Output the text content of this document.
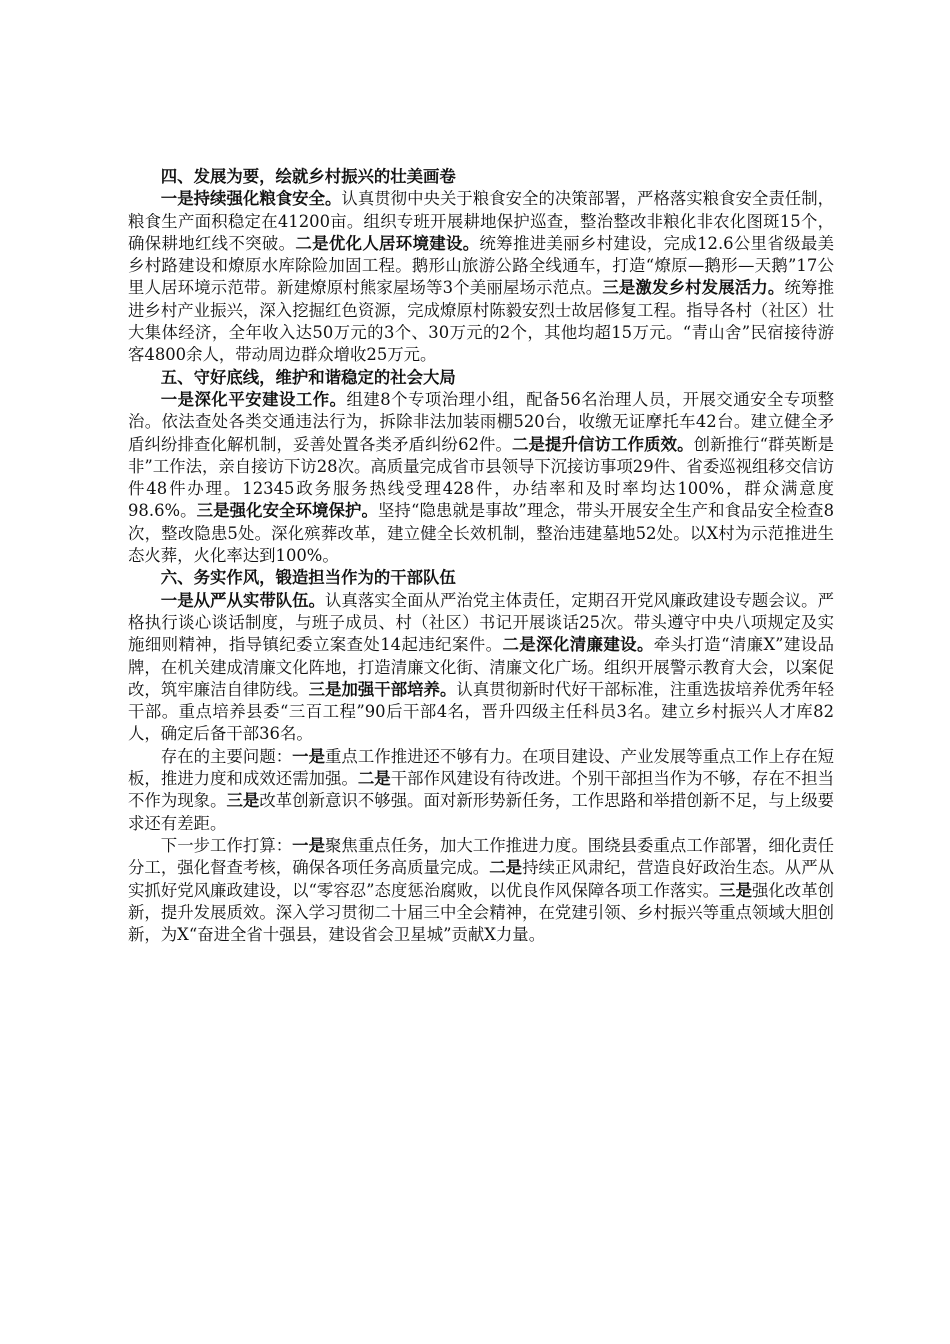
四、发展为要，绘就乡村振兴的壮美画卷

一是持续强化粮食安全。认真贯彻中央关于粮食安全的决策部署，严格落实粮食安全责任制，粮食生产面积稳定在41200亩。组织专班开展耕地保护巡查，整治整改非粮化非农化图斑15个，确保耕地红线不突破。二是优化人居环境建设。统筹推进美丽乡村建设，完成12.6公里省级最美乡村路建设和燎原水库除险加固工程。鹅形山旅游公路全线通车，打造“燎原—鹅形—天鹅”17公里人居环境示范带。新建燎原村熊家屋场等3个美丽屋场示范点。三是激发乡村发展活力。统筹推进乡村产业振兴，深入挖掘红色资源，完成燎原村陈毅安烈士故居修复工程。指导各村（社区）壮大集体经济，全年收入达50万元的3个、30万元的2个，其他均超15万元。“青山舍”民宿接待游客4800余人，带动周边群众增收25万元。

五、守好底线，维护和谐稳定的社会大局

一是深化平安建设工作。组建8个专项治理小组，配备56名治理人员，开展交通安全专项整治。依法查处各类交通违法行为，拆除非法加装雨棚520台，收缴无证摩托车42台。建立健全矛盾纠纷排查化解机制，妥善处置各类矛盾纠纷62件。二是提升信访工作质效。创新推行“群英断是非”工作法，亲自接访下访28次。高质量完成省市县领导下沉接访事项29件、省委巡视组移交信访件48件办理。12345政务服务热线受理428件，办结率和及时率均达100%，群众满意度98.6%。三是强化安全环境保护。坚持“隐患就是事故”理念，带头开展安全生产和食品安全检查8次，整改隐患5处。深化殡葬改革，建立健全长效机制，整治违建墓地52处。以X村为示范推进生态火葬，火化率达到100%。

六、务实作风，锻造担当作为的干部队伍

一是从严从实带队伍。认真落实全面从严治党主体责任，定期召开党风廉政建设专题会议。严格执行谈心谈话制度，与班子成员、村（社区）书记开展谈话25次。带头遵守中央八项规定及实施细则精神，指导镇纪委立案查处14起违纪案件。二是深化清廉建设。牵头打造“清廉X”建设品牌，在机关建成清廉文化阵地，打造清廉文化街、清廉文化广场。组织开展警示教育大会，以案促改，筑牢廉洁自律防线。三是加强干部培养。认真贯彻新时代好干部标准，注重选拔培养优秀年轻干部。重点培养县委“三百工程”90后干部4名，晋升四级主任科员3名。建立乡村振兴人才库82人，确定后备干部36名。

存在的主要问题：一是重点工作推进还不够有力。在项目建设、产业发展等重点工作上存在短板，推进力度和成效还需加强。二是干部作风建设有待改进。个别干部担当作为不够，存在不担当不作为现象。三是改革创新意识不够强。面对新形势新任务，工作思路和举措创新不足，与上级要求还有差距。

下一步工作打算：一是聚焦重点任务，加大工作推进力度。围绕县委重点工作部署，细化责任分工，强化督查考核，确保各项任务高质量完成。二是持续正风肃纪，营造良好政治生态。从严从实抓好党风廉政建设，以“零容忍”态度惩治腐败，以优良作风保障各项工作落实。三是强化改革创新，提升发展质效。深入学习贯彻二十届三中全会精神，在党建引领、乡村振兴等重点领域大胆创新，为X“奋进全省十强县，建设省会卫星城”贡献X力量。
